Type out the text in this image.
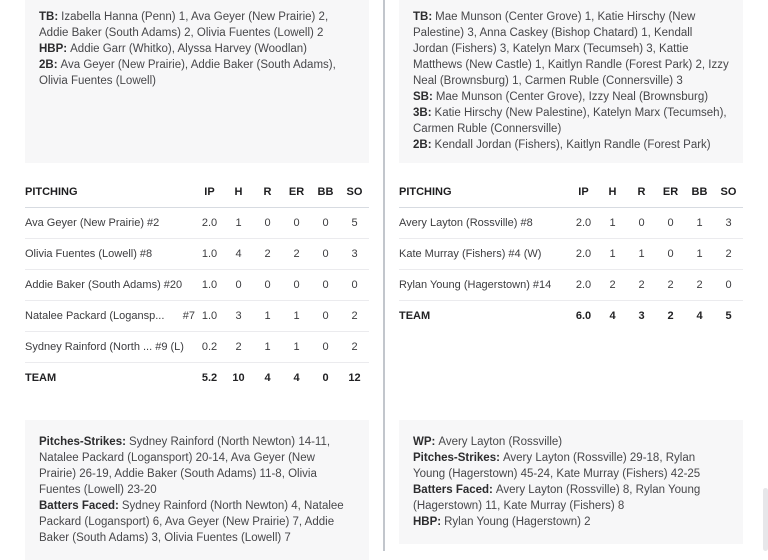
TB: Izabella Hanna (Penn) 1, Ava Geyer (New Prairie) 2, Addie Baker (South Adams) 2, Olivia Fuentes (Lowell) 2

HBP: Addie Garr (Whitko), Alyssa Harvey (Woodlan)

2B: Ava Geyer (New Prairie), Addie Baker (South Adams), Olivia Fuentes (Lowell)

TB: Mae Munson (Center Grove) 1, Katie Hirschy (New Palestine) 3, Anna Caskey (Bishop Chatard) 1, Kendall Jordan (Fishers) 3, Katelyn Marx (Tecumseh) 3, Kattie Matthews (New Castle) 1, Kaitlyn Randle (Forest Park) 2, Izzy Neal (Brownsburg) 1, Carmen Ruble (Connersville) 3

SB: Mae Munson (Center Grove), Izzy Neal (Brownsburg)

3B: Katie Hirschy (New Palestine), Katelyn Marx (Tecumseh), Carmen Ruble (Connersville)

2B: Kendall Jordan (Fishers), Kaitlyn Randle (Forest Park)

PITCHING	IP	H	R	ER	BB	SO

Ava Geyer (New Prairie) #2	2.0	1	0	0	0	5

Olivia Fuentes (Lowell) #8	1.0	4	2	2	0	3

Addie Baker (South Adams) #20	1.0	0	0	0	0	0

Natalee Packard (Logansp... #7	1.0	3	1	1	0	2

Sydney Rainford (North ... #9 (L)	0.2	2	1	1	0	2
TEAM	5.2	10	4	4	0	12
PITCHING	IP	H	R	ER	BB	SO

Avery Layton (Rossville) #8	2.0	1	0	0	1	3

Kate Murray (Fishers) #4 (W)	2.0	1	1	0	1	2

Rylan Young (Hagerstown) #14	2.0	2	2	2	2	0
TEAM	6.0	4	3	2	4	5

Pitches-Strikes: Sydney Rainford (North Newton) 14-11, Natalee Packard (Logansport) 20-14, Ava Geyer (New Prairie) 26-19, Addie Baker (South Adams) 11-8, Olivia Fuentes (Lowell) 23-20

Batters Faced: Sydney Rainford (North Newton) 4, Natalee Packard (Logansport) 6, Ava Geyer (New Prairie) 7, Addie Baker (South Adams) 3, Olivia Fuentes (Lowell) 7

WP: Avery Layton (Rossville)

Pitches-Strikes: Avery Layton (Rossville) 29-18, Rylan Young (Hagerstown) 45-24, Kate Murray (Fishers) 42-25

Batters Faced: Avery Layton (Rossville) 8, Rylan Young (Hagerstown) 11, Kate Murray (Fishers) 8

HBP: Rylan Young (Hagerstown) 2
